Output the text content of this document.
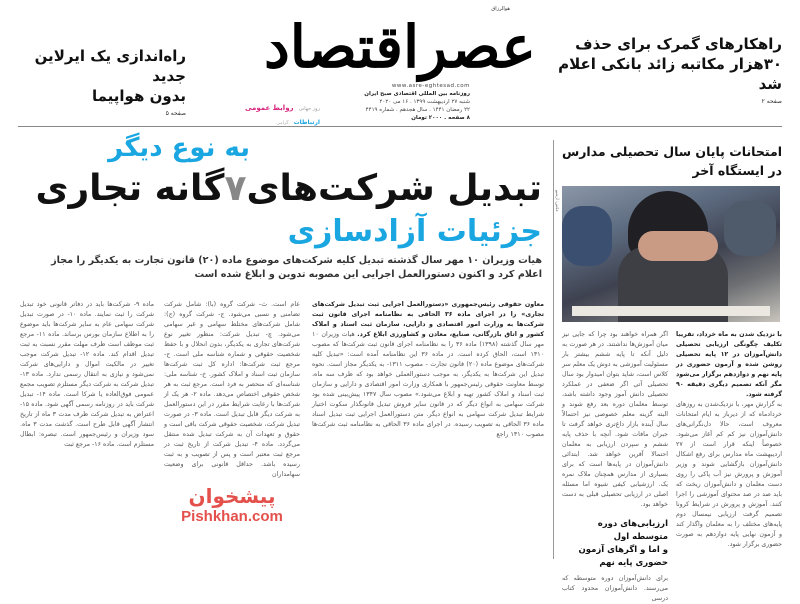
راه‌اندازی یک ایرلاین جدید
بدون هواپیما
صفحه ۵
راهکارهای گمرک برای حذف
۳۰هزار مکاتبه زائد بانکی اعلام شد
صفحه ۲
هوالرزاق
عصراقتصاد
www.asre-eghtesad.com
روزنامه بین المللی اقتصادی صبح ایران
شنبه ۲۷ اردیبهشت ۱۳۹۹ . ۱۶ می ۲۰۲۰
۲۲ رمضان ۱۴۴۱ . سال هجدهم . شماره ۴۴۱۹
۸ صفحه . ۲۰۰۰ تومان
روز جهانی روابط عمومی
ارتباطات گرامی
به نوع دیگر
تبدیل شرکت‌های۷گانه تجاری
جزئیات آزادسازی
هیات وزیران ۱۰ مهر سال گذشته تبدیل کلیه شرکت‌های موضوع ماده (۲۰) قانون تجارت به یکدیگر را مجاز اعلام کرد و اکنون دستورالعمل اجرایی این مصوبه تدوین و ابلاغ شده است
معاون حقوقی رئیس‌جمهوری «دستورالعمل اجرایی ثبت تبدیل شرکت‌های تجاری» را در اجرای ماده ۳۶ الحاقی به نظامنامه اجرای قانون ثبت شرکت‌ها به وزارت امور اقتصادی و دارایی، سازمان ثبت اسناد و املاک کشور و اتاق بازرگانی، صنایع، معادن و کشاورزی ابلاغ کرد. هیات وزیران ۱۰ مهر سال گذشته (۱۳۹۸) ماده ۳۶ را به نظامنامه اجرای قانون ثبت شرکت‌ها که مصوب ۱۳۱۰ است، الحاق کرده است. در ماده ۳۶ این نظامنامه آمده است: «تبدیل کلیه شرکت‌های موضوع ماده (۲۰) قانون تجارت - مصوب ۱۳۱۱- به یکدیگر مجاز است. نحوه تبدیل این شرکت‌ها به یکدیگر، به موجب دستورالعملی خواهد بود که ظرف سه ماه، توسط معاونت حقوقی رئیس‌جمهور با همکاری وزارت امور اقتصادی و دارایی و سازمان ثبت اسناد و املاک کشور تهیه و ابلاغ می‌شود.» مصوب سال ۱۳۴۷ پیش‌بینی شده بود شرکت سهامی به انواع دیگر که در قانون سایر فروش تبدیل قانونگذار سکوت اختیار شرایط تبدیل شرکت سهامی به انواع دیگر. متن دستورالعمل اجرایی ثبت تبدیل اسناد ماده ۳۶ الحاقی به تصویب رسیده. در اجرای ماده ۳۶ الحاقی به نظامنامه ثبت شرکت‌ها مصوب ۱۳۱۰ راجع
عام است. ث- شرکت گروه (با): شامل شرکت تضامنی و نسبی می‌شود. ج- شرکت گروه (ج): شامل شرکت‌های مختلط سهامی و غیر سهامی می‌شود. چ- تبدیل شرکت: منظور تغییر نوع شرکت‌های تجاری به یکدیگر، بدون انحلال و با حفظ شخصیت حقوقی و شماره شناسه ملی است. ح- مرجع ثبت شرکت‌ها: اداره کل ثبت شرکت‌ها سازمان ثبت اسناد و املاک کشور. خ- شناسه ملی: شناسه‌ای که منحصر به فرد است. مرجع ثبت به هر شخص حقوقی اختصاص می‌دهد. ماده ۲- هر یک از شرکت‌ها با رعایت شرایط مقرر در این دستورالعمل به شرکت دیگر قابل تبدیل است. ماده ۳- در صورت تبدیل شرکت، شخصیت حقوقی شرکت باقی است و حقوق و تعهدات آن به شرکت تبدیل شده منتقل می‌گردد. ماده ۴- تبدیل شرکت از تاریخ ثبت در مرجع ثبت معتبر است و پس از تصویب و به ثبت رسیده باشد. حداقل قانونی برای وضعیت سهامداران
پیشخوان
Pishkhan.com
ماده ۹- شرکت‌ها باید در دفاتر قانونی خود تبدیل شرکت را ثبت نمایند. ماده ۱۰- در صورت تبدیل شرکت سهامی عام به سایر شرکت‌ها باید موضوع را به اطلاع سازمان بورس برساند. ماده ۱۱- مرجع ثبت موظف است ظرف مهلت مقرر نسبت به ثبت تبدیل اقدام کند. ماده ۱۲- تبدیل شرکت موجب تغییر در مالکیت اموال و دارایی‌های شرکت نمی‌شود و نیازی به انتقال رسمی ندارد. ماده ۱۳- تبدیل شرکت به شرکت دیگر مستلزم تصویب مجمع عمومی فوق‌العاده یا شرکا است. ماده ۱۴- تبدیل شرکت باید در روزنامه رسمی آگهی شود. ماده ۱۵- اعتراض به تبدیل شرکت ظرف مدت ۳ ماه از تاریخ انتشار آگهی قابل طرح است. گذشت مدت ۳ ماه. سود وزیران و رئیس‌جمهور است. تبصره: ابطال مستلزم است. ماده ۱۶- مرجع ثبت
امتحانات پایان سال تحصیلی مدارس
در ایستگاه آخر
عکس: آرشیو
با نزدیک شدن به ماه خرداد، تقریبا تکلیف چگونگی ارزیابی تحصیلی دانش‌آموزان در ۱۲ پایه تحصیلی روشن شده و آزمون حضوری در پایه نهم و دوازدهم برگزار می‌شود مگر آنکه تصمیم دیگری دقیقه ۹۰ گرفته شود.
به گزارش مهر، با نزدیک‌شدن به روزهای خردادماه که از دیرباز به ایام امتحانات معروف است، حالا دل‌نگرانی‌های دانش‌آموزان نیز کم کم آغاز می‌شود. خصوصاً اینکه قرار است از ۲۷ اردیبهشت ماه مدارس برای رفع اشکال دانش‌آموزان بازگشایی شوند و وزیر آموزش و پرورش نیز آب پاکی را روی دست معلمان و دانش‌آموزان ریخت که باید صد در صد محتوای آموزشی را اجرا کنند. آموزش و پرورش در شرایط کرونا تصمیم گرفت ارزیابی نیمسال دوم پایه‌های مختلف را به معلمان واگذار کند و آزمون نهایی پایه دوازدهم به صورت حضوری برگزار شود.
اگر همراه خواهند بود چرا که جایی نیز میان آموزش‌ها نداشتند. در هر صورت به دلیل آنکه تا پایه ششم بیشتر بار مسئولیت آموزشی به دوش یک معلم سر کلاس است، شاید بتوان امیدوار بود سال تحصیلی آتی اگر ضعفی در عملکرد تحصیلی دانش آموز وجود داشته باشد، توسط معلمان دوره بعد رفع شوند و البته گزینه معلم خصوصی نیز احتمالاً سال آینده بازار داغ‌تری خواهد گرفت تا جبران مافات شود. آنچه با حذف پایه ششم و سپردن ارزیابی به معلمان احتمالا آفرین خواهد شد. ابتدائی دانش‌آموزان در پایه‌ها است که برای بسیاری از مدارس همچنان ملاک نمره یک. ارزشیابی کیفی شیوه اما مسئله اصلی در ارزیابی تحصیلی قبلی به دست خواهد بود.
ارزیابی‌های دوره متوسطه اول
و اما و اگرهای آزمون حضوری پایه نهم
برای دانش‌آموزان دوره متوسطه که می‌رسند. دانش‌آموزان محدود کتاب درسی
